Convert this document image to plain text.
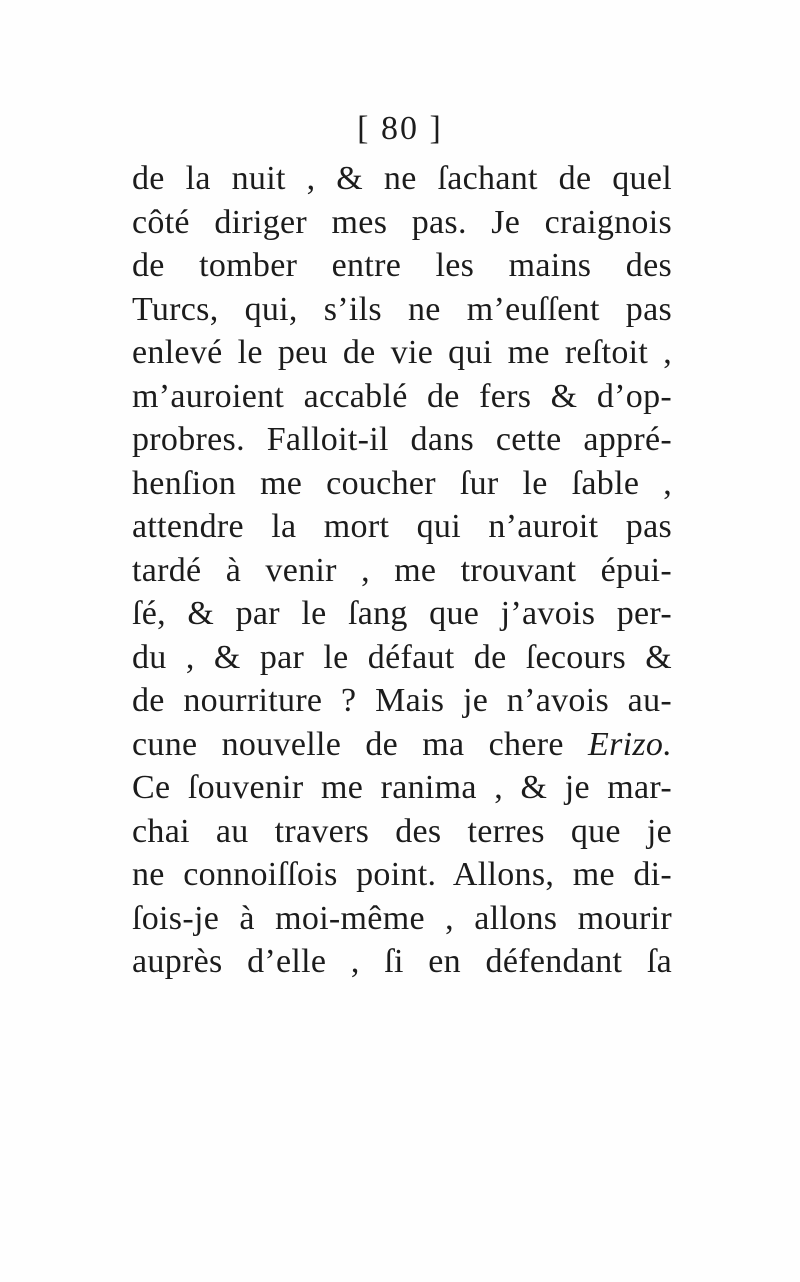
[ 80 ]
de la nuit , & ne ſachant de quel
côté diriger mes pas. Je craignois
de tomber entre les mains des
Turcs, qui, s’ils ne m’euſſent pas
enlevé le peu de vie qui me reſtoit ,
m’auroient accablé de fers & d’op-
probres. Falloit-il dans cette appré-
henſion me coucher ſur le ſable ,
attendre la mort qui n’auroit pas
tardé à venir , me trouvant épui-
ſé, & par le ſang que j’avois per-
du , & par le défaut de ſecours &
de nourriture ? Mais je n’avois au-
cune nouvelle de ma chere Erizo.
Ce ſouvenir me ranima , & je mar-
chai au travers des terres que je
ne connoiſſois point. Allons, me di-
ſois-je à moi-même , allons mourir
auprès d’elle , ſi en défendant ſa
